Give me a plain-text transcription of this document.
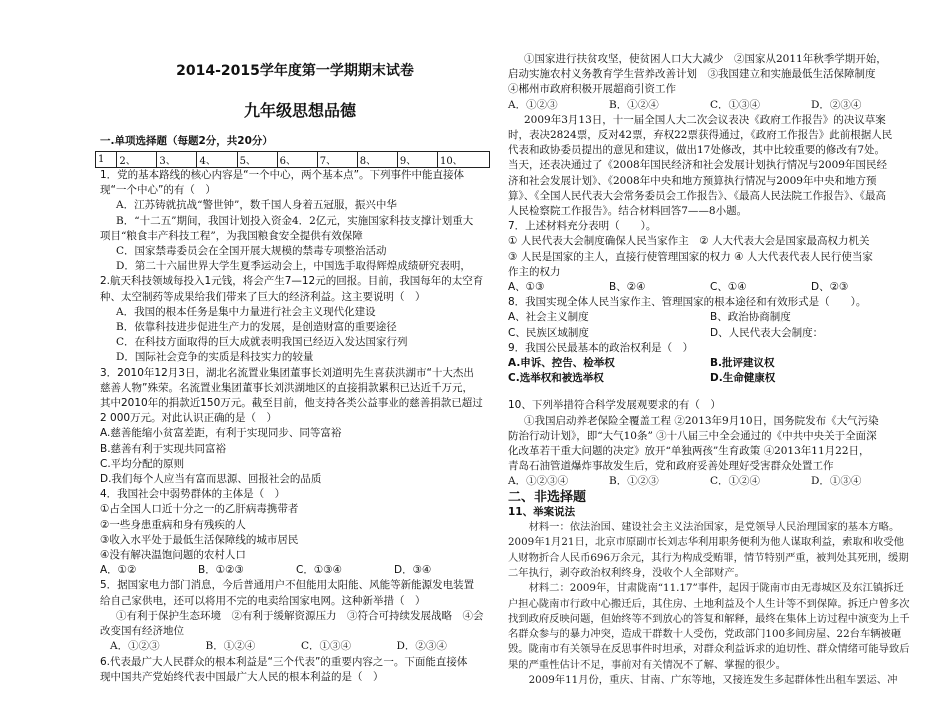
2014-2015学年度第一学期期末试卷
九年级思想品德
一.单项选择题（每题2分，共20分）
1	2、	3、	4、	5、	6、	7、	8、	9、	10、

1．党的基本路线的核心内容是“一个中心，两个基本点”。下列事件中能直接体

现“一个中心”的有（　）

A．江苏铸就抗战“警世钟”，数千国人身着五冠服，振兴中华

B．“十二五”期间，我国计划投入资金4．2亿元，实施国家科技支撑计划重大

项目“粮食丰产科技工程”，为我国粮食安全提供有效保障

C．国家禁毒委员会在全国开展大规模的禁毒专项整治活动

D．第二十六届世界大学生夏季运动会上，中国选手取得辉煌成绩研究表明，

2.航天科技领域每投入1元钱，将会产生7—12元的回报。目前，我国每年的太空育

种、太空制药等成果给我们带来了巨大的经济利益。这主要说明（　）

A．我国的根本任务是集中力量进行社会主义现代化建设

B．依靠科技进步促进生产力的发展，是创造财富的重要途径

C．在科技方面取得的巨大成就表明我国已经迈入发达国家行列

D．国际社会竞争的实质是科技实力的较量

3．2010年12月3日，湖北名流置业集团董事长刘道明先生喜获洪湖市“十大杰出

慈善人物”殊荣。名流置业集团董事长刘洪湖地区的直接捐款累积已达近千万元，

其中2010年的捐款近150万元。截至目前，他支持各类公益事业的慈善捐款已超过

2 000万元。对此认识正确的是（　）

A.慈善能缩小贫富差距，有利于实现同步、同等富裕

B.慈善有利于实现共同富裕

C.平均分配的原则

D.我们每个人应当有富而思源、回报社会的品质

4．我国社会中弱势群体的主体是（　）

①占全国人口近十分之一的乙肝病毒携带者

②一些身患重病和身有残疾的人

③收入水平处于最低生活保障线的城市居民

④没有解决温饱问题的农村人口

A．①②	B．①②③	C．①③④	D．③④

5．据国家电力部门消息，今后普通用户不但能用太阳能、风能等新能源发电装置

给自己家供电，还可以将用不完的电卖给国家电网。这种新举措（　）

①有利于保护生态环境　②有利于缓解资源压力　③符合可持续发展战略　④会

改变国有经济地位

A．①②③	B．①②④	C．①③④	D．②③④

6.代表最广大人民群众的根本利益是“三个代表”的重要内容之一。下面能直接体

现中国共产党始终代表中国最广大人民的根本利益的是（　）

①国家进行扶贫攻坚，使贫困人口大大减少　②国家从2011年秋季学期开始，

启动实施农村义务教育学生营养改善计划　③我国建立和实施最低生活保障制度

④郴州市政府积极开展超商引资工作

A．①②③	B．①②④	C．①③④	D．②③④

2009年3月13日，十一届全国人大二次会议表决《政府工作报告》的决议草案

时，表决2824票，反对42票，弃权22票获得通过，《政府工作报告》此前根据人民

代表和政协委员提出的意见和建议，做出17处修改，其中比较重要的修改有7处。

当天，还表决通过了《2008年国民经济和社会发展计划执行情况与2009年国民经

济和社会发展计划》、《2008年中央和地方预算执行情况与2009年中央和地方预

算》、《全国人民代表大会常务委员会工作报告》、《最高人民法院工作报告》、《最高

人民检察院工作报告》。结合材料回答7——8小题。

7．上述材料充分表明（　　）。

① 人民代表大会制度确保人民当家作主　② 人大代表大会是国家最高权力机关

③ 人民是国家的主人，直接行使管理国家的权力 ④ 人大代表代表人民行使当家

作主的权力

A、①③	B、②④	C、①④	D、②③

8．我国实现全体人民当家作主、管理国家的根本途径和有效形式是（　　）。

A、社会主义制度	B、政治协商制度
C、民族区域制度	D、人民代表大会制度：

9．我国公民最基本的政治权利是（　）

A.申诉、控告、检举权	B.批评建议权
C.选举权和被选举权	D.生命健康权

10、下列举措符合科学发展观要求的有（　）

①我国启动养老保险全覆盖工程 ②2013年9月10日，国务院发布《大气污染

防治行动计划》，即“大气10条” ③十八届三中全会通过的《中共中央关于全面深

化改革若干重大问题的决定》放开“单独两孩”生育政策 ④2013年11月22日，

青岛石油管道爆炸事故发生后，党和政府妥善处理好受害群众处置工作

A．①②③④	B．①②③	C．①②④	D．①③④

二、非选择题

11、举案说法

材料一：依法治国、建设社会主义法治国家，是党领导人民治理国家的基本方略。2009年1月21日，北京市原副市长刘志华利用职务便利为他人谋取利益，索取和收受他人财物折合人民币696万余元，其行为构成受贿罪，情节特别严重，被判处其死刑，缓期二年执行，剥夺政治权利终身，没收个人全部财产。

材料二：2009年，甘肃陇南“11.17”事件，起因于陇南市由无毒城区及东江镇拆迁户担心陇南市行政中心搬迁后，其住房、土地利益及个人生计等不到保障。拆迁户曾多次找到政府反映问题，但始终等不到放心的答复和解释，最终在集体上访过程中演变为上千名群众参与的暴力冲突，造成干群数十人受伤，党政部门100多间房屋、22台车辆被砸毁。陇南市有关领导在反思事件时坦承，对群众利益诉求的迫切性、群众情绪可能导致后果的严重性估计不足，事前对有关情况不了解、掌握的很少。

2009年11月份，重庆、甘南、广东等地，又接连发生多起群体性出租车罢运、冲
